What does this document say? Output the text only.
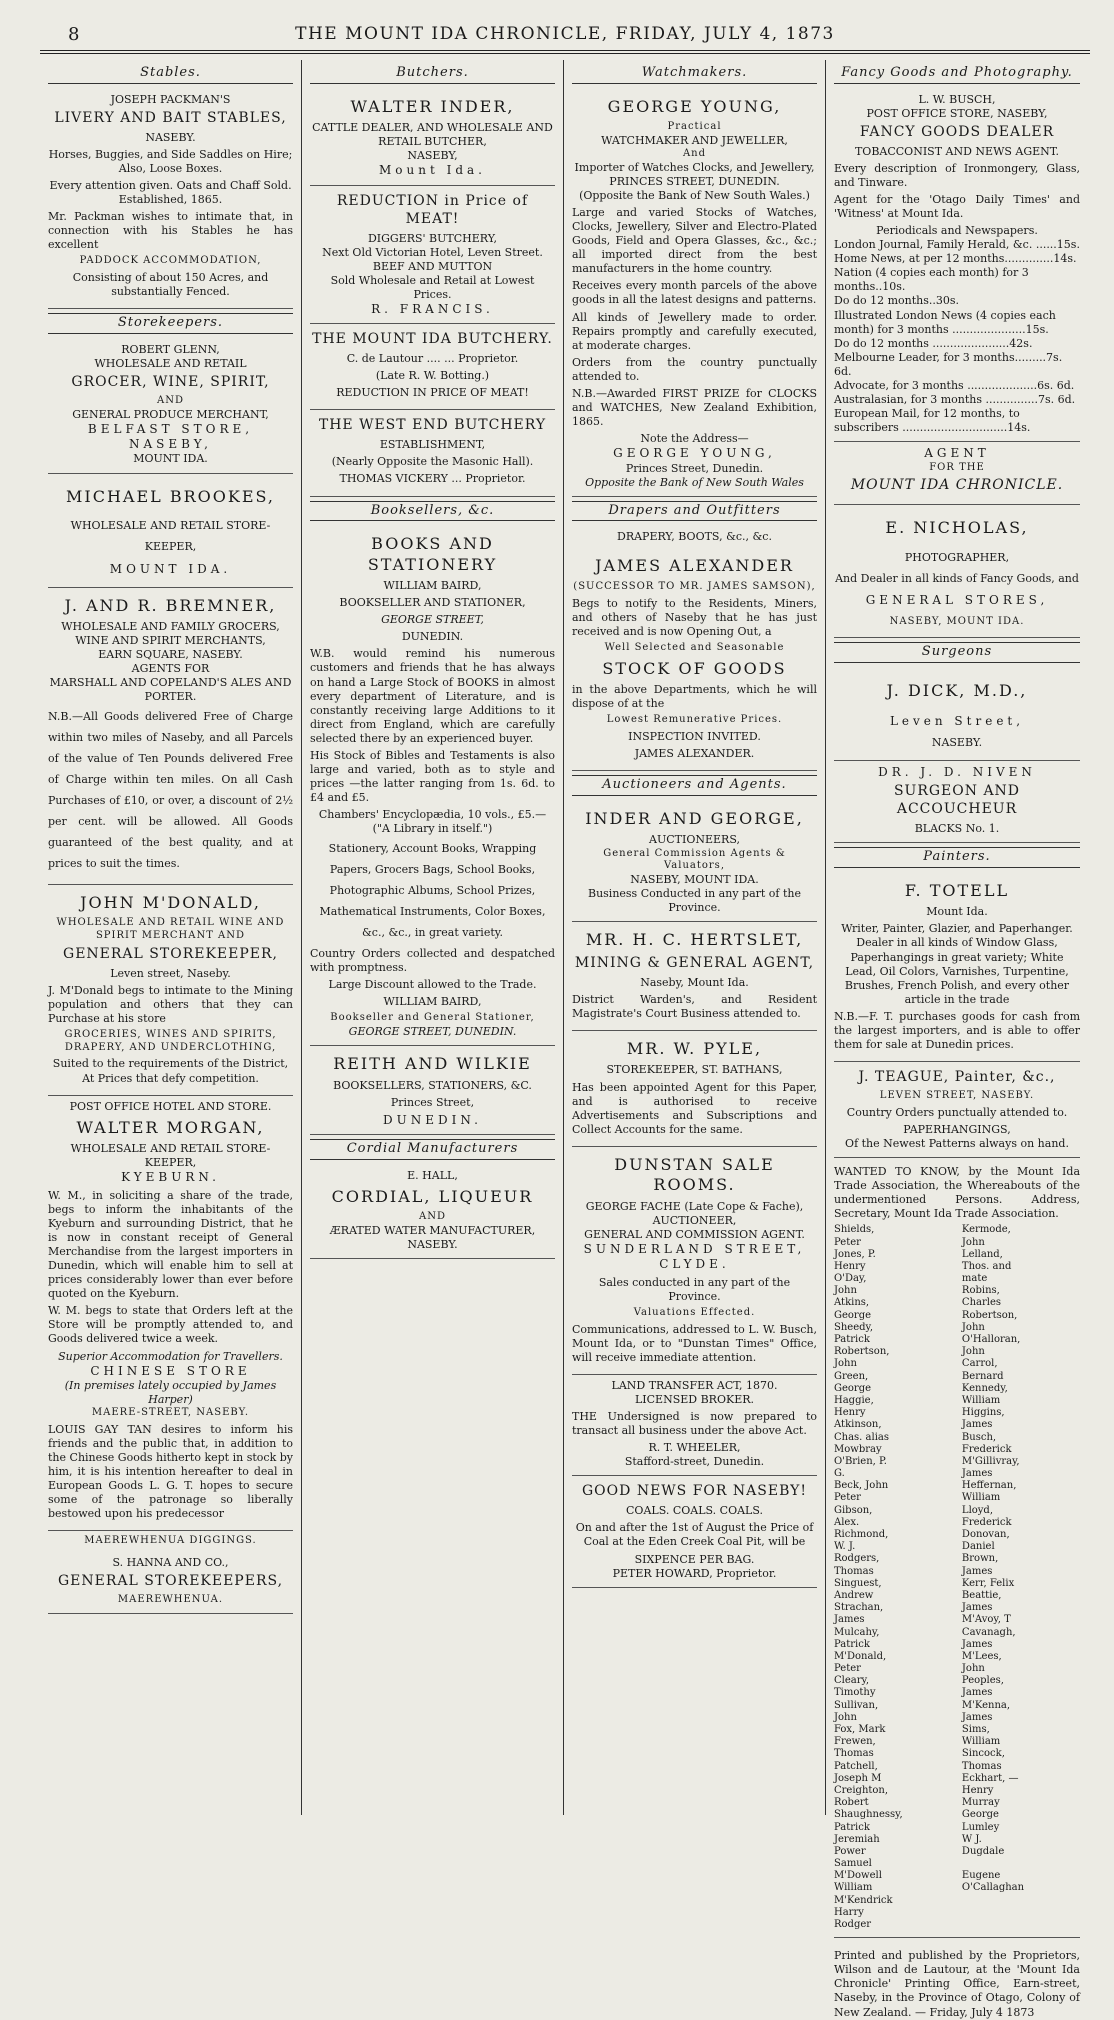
8	THE MOUNT IDA CHRONICLE, FRIDAY, JULY 4, 1873
Stables.
JOSEPH PACKMAN'S
LIVERY AND BAIT STABLES,
NASEBY.

Horses, Buggies, and Side Saddles on Hire; Also, Loose Boxes.

Every attention given. Oats and Chaff Sold. Established, 1865.

Mr. Packman wishes to intimate that, in connection with his Stables he has excellent

PADDOCK ACCOMMODATION,

Consisting of about 150 Acres, and substantially Fenced.

Storekeepers.
ROBERT GLENN,
WHOLESALE AND RETAIL
GROCER, WINE, SPIRIT,
AND
GENERAL PRODUCE MERCHANT,
BELFAST STORE, NASEBY,
MOUNT IDA.
MICHAEL BROOKES,
WHOLESALE AND RETAIL STORE-KEEPER,
MOUNT IDA.
J. AND R. BREMNER,
WHOLESALE AND FAMILY GROCERS, WINE AND SPIRIT MERCHANTS,
EARN SQUARE, NASEBY.
AGENTS FOR
MARSHALL AND COPELAND'S ALES AND PORTER.

N.B.—All Goods delivered Free of Charge within two miles of Naseby, and all Parcels of the value of Ten Pounds delivered Free of Charge within ten miles. On all Cash Purchases of £10, or over, a discount of 2½ per cent. will be allowed. All Goods guaranteed of the best quality, and at prices to suit the times.

JOHN M'DONALD,
WHOLESALE AND RETAIL WINE AND SPIRIT MERCHANT AND
GENERAL STOREKEEPER,
Leven street, Naseby.

J. M'Donald begs to intimate to the Mining population and others that they can Purchase at his store

GROCERIES, WINES AND SPIRITS, DRAPERY, AND UNDERCLOTHING,

Suited to the requirements of the District, At Prices that defy competition.

POST OFFICE HOTEL AND STORE.
WALTER MORGAN,
WHOLESALE AND RETAIL STORE-KEEPER,
KYEBURN.

W. M., in soliciting a share of the trade, begs to inform the inhabitants of the Kyeburn and surrounding District, that he is now in constant receipt of General Merchandise from the largest importers in Dunedin, which will enable him to sell at prices considerably lower than ever before quoted on the Kyeburn.

W. M. begs to state that Orders left at the Store will be promptly attended to, and Goods delivered twice a week.

Superior Accommodation for Travellers.
CHINESE STORE
(In premises lately occupied by James Harper)
MAERE-STREET, NASEBY.

LOUIS GAY TAN desires to inform his friends and the public that, in addition to the Chinese Goods hitherto kept in stock by him, it is his intention hereafter to deal in European Goods L. G. T. hopes to secure some of the patronage so liberally bestowed upon his predecessor

MAEREWHENUA DIGGINGS.
S. HANNA AND CO.,
GENERAL STOREKEEPERS,
MAEREWHENUA.
Butchers.
WALTER INDER,
CATTLE DEALER, AND WHOLESALE AND RETAIL BUTCHER,
NASEBY,
Mount Ida.
REDUCTION in Price of MEAT!
DIGGERS' BUTCHERY,
Next Old Victorian Hotel, Leven Street.
BEEF AND MUTTON
Sold Wholesale and Retail at Lowest Prices.
R. FRANCIS.
THE MOUNT IDA BUTCHERY.

C. de Lautour .... ... Proprietor.

(Late R. W. Botting.)

REDUCTION IN PRICE OF MEAT!

THE WEST END BUTCHERY

ESTABLISHMENT,

(Nearly Opposite the Masonic Hall).

THOMAS VICKERY ... Proprietor.

Booksellers, &c.
BOOKS AND STATIONERY

WILLIAM BAIRD,

BOOKSELLER AND STATIONER,

GEORGE STREET,

DUNEDIN.

W.B. would remind his numerous customers and friends that he has always on hand a Large Stock of BOOKS in almost every department of Literature, and is constantly receiving large Additions to it direct from England, which are carefully selected there by an experienced buyer.

His Stock of Bibles and Testaments is also large and varied, both as to style and prices —the latter ranging from 1s. 6d. to £4 and £5.

Chambers' Encyclopædia, 10 vols., £5.— ("A Library in itself.")

Stationery, Account Books, Wrapping Papers, Grocers Bags, School Books, Photographic Albums, School Prizes, Mathematical Instruments, Color Boxes, &c., &c., in great variety.

Country Orders collected and despatched with promptness.

Large Discount allowed to the Trade.

WILLIAM BAIRD,

Bookseller and General Stationer,
GEORGE STREET, DUNEDIN.
REITH AND WILKIE

BOOKSELLERS, STATIONERS, &C.

Princes Street,

DUNEDIN.
Cordial Manufacturers
E. HALL,
CORDIAL, LIQUEUR
AND
ÆRATED WATER MANUFACTURER,
NASEBY.
Watchmakers.
GEORGE YOUNG,
Practical
WATCHMAKER AND JEWELLER,
And
Importer of Watches Clocks, and Jewellery, PRINCES STREET, DUNEDIN.
(Opposite the Bank of New South Wales.)

Large and varied Stocks of Watches, Clocks, Jewellery, Silver and Electro-Plated Goods, Field and Opera Glasses, &c., &c.; all imported direct from the best manufacturers in the home country.

Receives every month parcels of the above goods in all the latest designs and patterns.

All kinds of Jewellery made to order. Repairs promptly and carefully executed, at moderate charges.

Orders from the country punctually attended to.

N.B.—Awarded FIRST PRIZE for CLOCKS and WATCHES, New Zealand Exhibition, 1865.

Note the Address—
GEORGE YOUNG,
Princes Street, Dunedin.
Opposite the Bank of New South Wales
Drapers and Outfitters
DRAPERY, BOOTS, &c., &c.
JAMES ALEXANDER
(SUCCESSOR TO MR. JAMES SAMSON),

Begs to notify to the Residents, Miners, and others of Naseby that he has just received and is now Opening Out, a

Well Selected and Seasonable
STOCK OF GOODS

in the above Departments, which he will dispose of at the

Lowest Remunerative Prices.

INSPECTION INVITED.

JAMES ALEXANDER.

Auctioneers and Agents.
INDER AND GEORGE,
AUCTIONEERS,
General Commission Agents & Valuators,
NASEBY, MOUNT IDA.
Business Conducted in any part of the Province.
MR. H. C. HERTSLET,
MINING & GENERAL AGENT,
Naseby, Mount Ida.

District Warden's, and Resident Magistrate's Court Business attended to.

MR. W. PYLE,
STOREKEEPER, ST. BATHANS,

Has been appointed Agent for this Paper, and is authorised to receive Advertisements and Subscriptions and Collect Accounts for the same.

DUNSTAN SALE ROOMS.
GEORGE FACHE (Late Cope & Fache),
AUCTIONEER,
GENERAL AND COMMISSION AGENT.
SUNDERLAND STREET,
CLYDE.

Sales conducted in any part of the Province.

Valuations Effected.

Communications, addressed to L. W. Busch, Mount Ida, or to "Dunstan Times" Office, will receive immediate attention.

LAND TRANSFER ACT, 1870.
LICENSED BROKER.

THE Undersigned is now prepared to transact all business under the above Act.

R. T. WHEELER,
Stafford-street, Dunedin.
GOOD NEWS FOR NASEBY!
COALS. COALS. COALS.

On and after the 1st of August the Price of Coal at the Eden Creek Coal Pit, will be

SIXPENCE PER BAG.
PETER HOWARD, Proprietor.
Fancy Goods and Photography.
L. W. BUSCH,
POST OFFICE STORE, NASEBY,
FANCY GOODS DEALER
TOBACCONIST AND NEWS AGENT.

Every description of Ironmongery, Glass, and Tinware.

Agent for the 'Otago Daily Times' and 'Witness' at Mount Ida.

Periodicals and Newspapers.
London Journal, Family Herald, &c. ......15s.
Home News, at per 12 months..............14s.
Nation (4 copies each month) for 3 months..10s.
Do do 12 months..30s.
Illustrated London News (4 copies each month) for 3 months .....................15s.
Do do 12 months ......................42s.
Melbourne Leader, for 3 months.........7s. 6d.
Advocate, for 3 months ....................6s. 6d.
Australasian, for 3 months ...............7s. 6d.
European Mail, for 12 months, to subscribers ..............................14s.
AGENT
FOR THE
MOUNT IDA CHRONICLE.
E. NICHOLAS,
PHOTOGRAPHER,
And Dealer in all kinds of Fancy Goods, and
GENERAL STORES,
NASEBY, MOUNT IDA.
Surgeons
J. DICK, M.D.,
Leven Street,
NASEBY.
DR. J. D. NIVEN
SURGEON AND ACCOUCHEUR
BLACKS No. 1.
Painters.
F. TOTELL
Mount Ida.

Writer, Painter, Glazier, and Paperhanger. Dealer in all kinds of Window Glass, Paperhangings in great variety; White Lead, Oil Colors, Varnishes, Turpentine, Brushes, French Polish, and every other article in the trade

N.B.—F. T. purchases goods for cash from the largest importers, and is able to offer them for sale at Dunedin prices.

J. TEAGUE, Painter, &c.,
LEVEN STREET, NASEBY.

Country Orders punctually attended to.

PAPERHANGINGS,
Of the Newest Patterns always on hand.

WANTED TO KNOW, by the Mount Ida Trade Association, the Whereabouts of the undermentioned Persons. Address, Secretary, Mount Ida Trade Association.

Shields, Peter
Jones, P. Henry
O'Day, John
Atkins, George
Sheedy, Patrick
Robertson, John
Green, George
Haggie, Henry
Atkinson, Chas. alias Mowbray
O'Brien, P. G.
Beck, John Peter
Gibson, Alex.
Richmond, W. J.
Rodgers, Thomas
Singuest, Andrew
Strachan, James
Mulcahy, Patrick
M'Donald, Peter
Cleary, Timothy
Sullivan, John
Fox, Mark
Frewen, Thomas
Patchell, Joseph M
Creighton, Robert
Shaughnessy, Patrick
Jeremiah Power
Samuel M'Dowell
William M'Kendrick
Harry Rodger
Kermode, John
Lelland, Thos. and mate
Robins, Charles
Robertson, John
O'Halloran, John
Carrol, Bernard
Kennedy, William
Higgins, James
Busch, Frederick
M'Gillivray, James
Heffernan, William
Lloyd, Frederick
Donovan, Daniel
Brown, James
Kerr, Felix
Beattie, James
M'Avoy, T
Cavanagh, James
M'Lees, John
Peoples, James
M'Kenna, James
Sims, William
Sincock, Thomas
Eckhart, —
Henry Murray
George Lumley
W J. Dugdale

Eugene O'Callaghan

Printed and published by the Proprietors, Wilson and de Lautour, at the 'Mount Ida Chronicle' Printing Office, Earn-street, Naseby, in the Province of Otago, Colony of New Zealand. — Friday, July 4 1873
